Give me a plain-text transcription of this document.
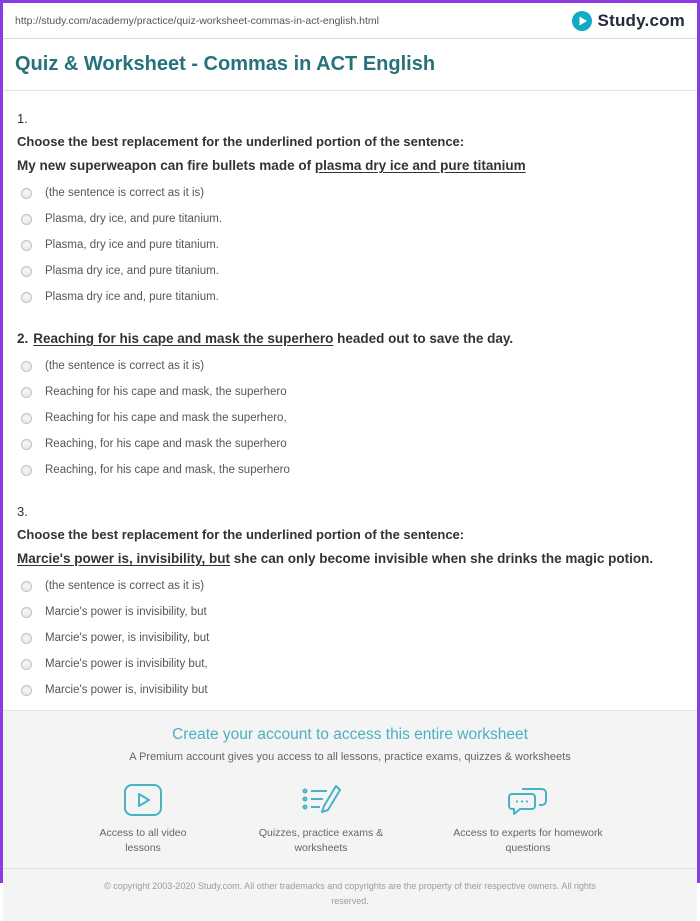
http://study.com/academy/practice/quiz-worksheet-commas-in-act-english.html	Study.com
Quiz & Worksheet - Commas in ACT English
1.

Choose the best replacement for the underlined portion of the sentence:

My new superweapon can fire bullets made of plasma dry ice and pure titanium

(the sentence is correct as it is)
Plasma, dry ice, and pure titanium.
Plasma, dry ice and pure titanium.
Plasma dry ice, and pure titanium.
Plasma dry ice and, pure titanium.

2. Reaching for his cape and mask the superhero headed out to save the day.

(the sentence is correct as it is)
Reaching for his cape and mask, the superhero
Reaching for his cape and mask the superhero,
Reaching, for his cape and mask the superhero
Reaching, for his cape and mask, the superhero
3.

Choose the best replacement for the underlined portion of the sentence:

Marcie's power is, invisibility, but she can only become invisible when she drinks the magic potion.

(the sentence is correct as it is)
Marcie's power is invisibility, but
Marcie's power, is invisibility, but
Marcie's power is invisibility but,
Marcie's power is, invisibility but
Create your account to access this entire worksheet
A Premium account gives you access to all lessons, practice exams, quizzes & worksheets
Access to all video lessons
Quizzes, practice exams & worksheets
Access to experts for homework questions
© copyright 2003-2020 Study.com. All other trademarks and copyrights are the property of their respective owners. All rights reserved.
